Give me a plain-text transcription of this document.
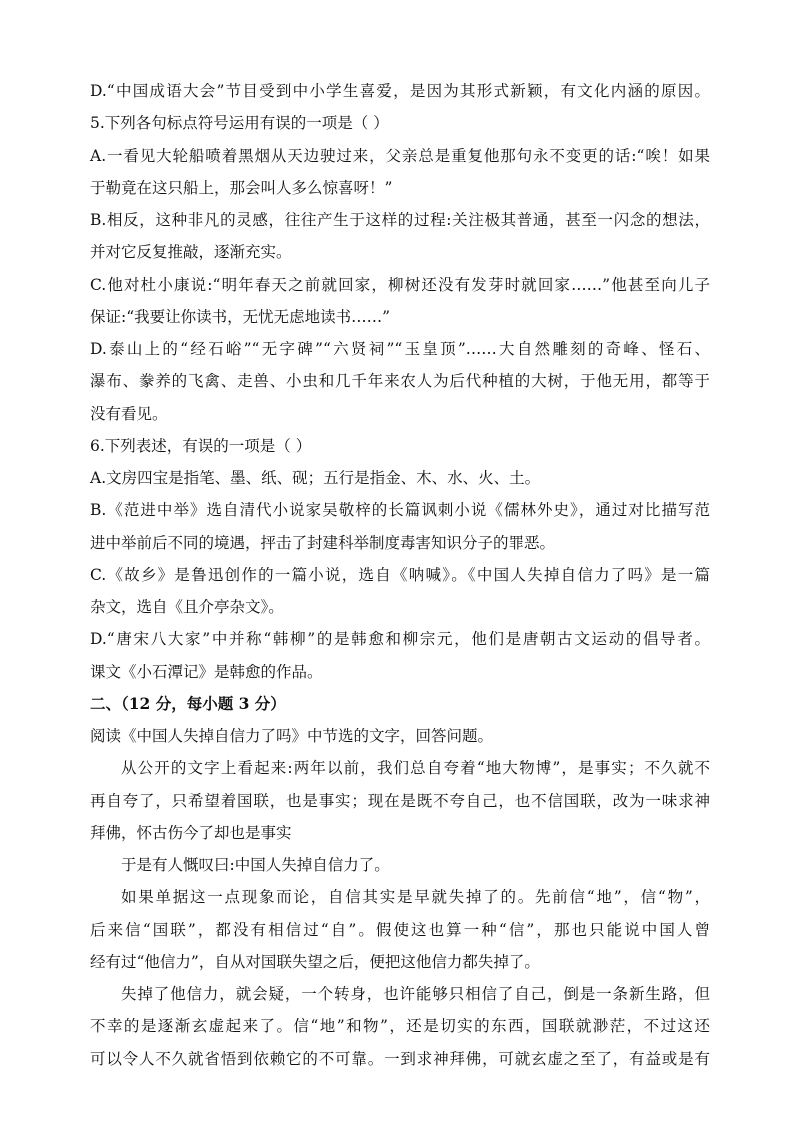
D.“中国成语大会”节目受到中小学生喜爱，是因为其形式新颖，有文化内涵的原因。
5.下列各句标点符号运用有误的一项是（ ）
A.一看见大轮船喷着黑烟从天边驶过来，父亲总是重复他那句永不变更的话:“唉！如果
于勒竟在这只船上，那会叫人多么惊喜呀！”
B.相反，这种非凡的灵感，往往产生于这样的过程:关注极其普通，甚至一闪念的想法，
并对它反复推敲，逐渐充实。
C.他对杜小康说:“明年春天之前就回家，柳树还没有发芽时就回家……”他甚至向儿子
保证:“我要让你读书，无忧无虑地读书……”
D.泰山上的“经石峪”“无字碑”“六贤祠”“玉皇顶”……大自然雕刻的奇峰、怪石、
瀑布、豢养的飞禽、走兽、小虫和几千年来农人为后代种植的大树，于他无用，都等于
没有看见。
6.下列表述，有误的一项是（ ）
A.文房四宝是指笔、墨、纸、砚；五行是指金、木、水、火、土。
B.《范进中举》选自清代小说家吴敬梓的长篇讽刺小说《儒林外史》，通过对比描写范
进中举前后不同的境遇，抨击了封建科举制度毒害知识分子的罪恶。
C.《故乡》是鲁迅创作的一篇小说，选自《呐喊》。《中国人失掉自信力了吗》是一篇
杂文，选自《且介亭杂文》。
D.“唐宋八大家”中并称“韩柳”的是韩愈和柳宗元，他们是唐朝古文运动的倡导者。
课文《小石潭记》是韩愈的作品。
二、（12 分，每小题 3 分）
阅读《中国人失掉自信力了吗》中节选的文字，回答问题。
从公开的文字上看起来:两年以前，我们总自夸着“地大物博”，是事实；不久就不
再自夸了，只希望着国联，也是事实；现在是既不夸自己，也不信国联，改为一味求神
拜佛，怀古伤今了却也是事实
于是有人慨叹曰:中国人失掉自信力了。
如果单据这一点现象而论，自信其实是早就失掉了的。先前信“地”，信“物”，
后来信“国联”，都没有相信过“自”。假使这也算一种“信”，那也只能说中国人曾
经有过“他信力”，自从对国联失望之后，便把这他信力都失掉了。
失掉了他信力，就会疑，一个转身，也许能够只相信了自己，倒是一条新生路，但
不幸的是逐渐玄虚起来了。信“地”和物”，还是切实的东西，国联就渺茫，不过这还
可以令人不久就省悟到依赖它的不可靠。一到求神拜佛，可就玄虚之至了，有益或是有
